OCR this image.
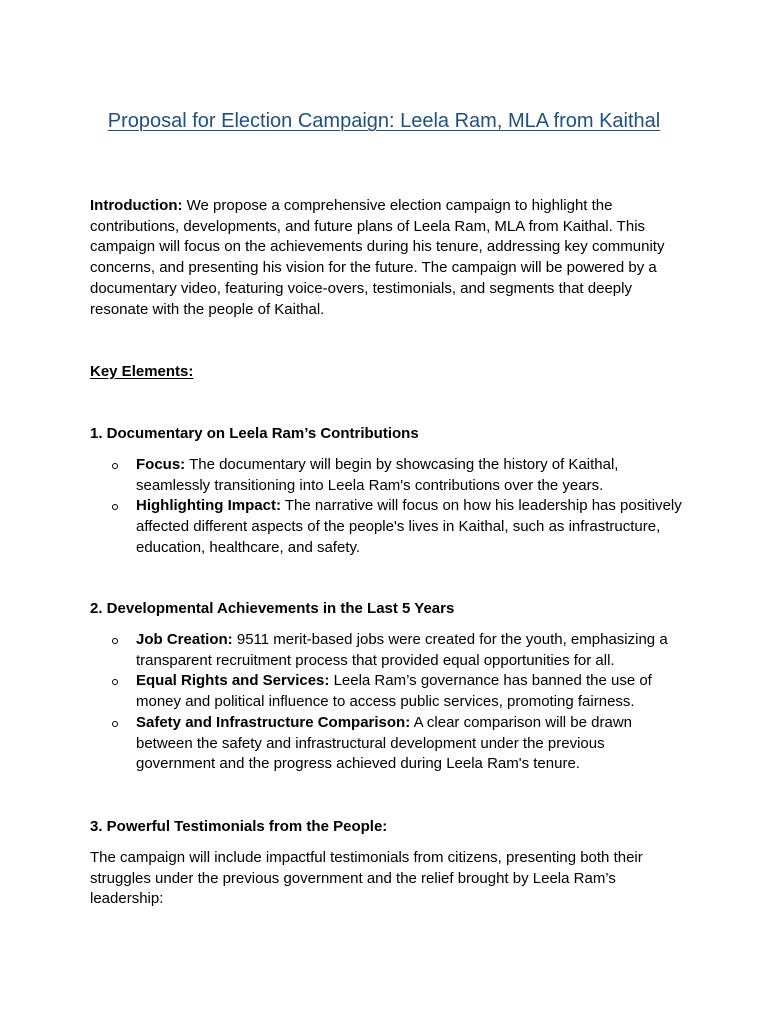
Proposal for Election Campaign: Leela Ram, MLA from Kaithal

Introduction: We propose a comprehensive election campaign to highlight the contributions, developments, and future plans of Leela Ram, MLA from Kaithal. This campaign will focus on the achievements during his tenure, addressing key community concerns, and presenting his vision for the future. The campaign will be powered by a documentary video, featuring voice-overs, testimonials, and segments that deeply resonate with the people of Kaithal.

Key Elements:

1. Documentary on Leela Ram’s Contributions

Focus: The documentary will begin by showcasing the history of Kaithal, seamlessly transitioning into Leela Ram's contributions over the years.
Highlighting Impact: The narrative will focus on how his leadership has positively affected different aspects of the people's lives in Kaithal, such as infrastructure, education, healthcare, and safety.

2. Developmental Achievements in the Last 5 Years

Job Creation: 9511 merit-based jobs were created for the youth, emphasizing a transparent recruitment process that provided equal opportunities for all.
Equal Rights and Services: Leela Ram’s governance has banned the use of money and political influence to access public services, promoting fairness.
Safety and Infrastructure Comparison: A clear comparison will be drawn between the safety and infrastructural development under the previous government and the progress achieved during Leela Ram's tenure.

3. Powerful Testimonials from the People:

The campaign will include impactful testimonials from citizens, presenting both their struggles under the previous government and the relief brought by Leela Ram’s leadership:
